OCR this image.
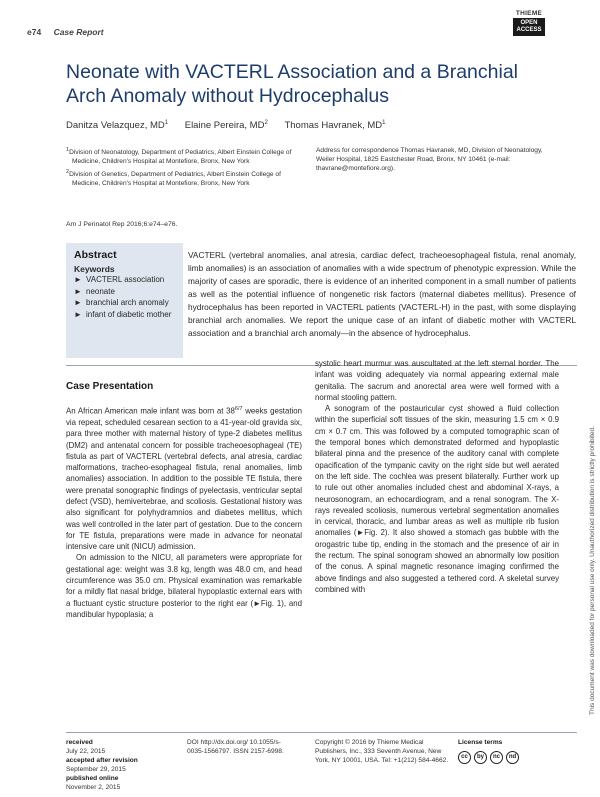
e74 Case Report
THIEME
OPEN
ACCESS
Neonate with VACTERL Association and a Branchial Arch Anomaly without Hydrocephalus
Danitza Velazquez, $MD^1$ Elaine Pereira, $MD^2$ Thomas Havranek, $MD^1$
$^1$Division of Neonatology, Department of Pediatrics, Albert Einstein College of Medicine, Children's Hospital at Montefiore, Bronx, New York
$^2$Division of Genetics, Department of Pediatrics, Albert Einstein College of Medicine, Children's Hospital at Montefiore, Bronx, New York
Address for correspondence Thomas Havranek, MD, Division of Neonatology, Weiler Hospital, 1825 Eastchester Road, Bronx, NY 10461 (e-mail: thavrane@montefiore.org).
Am J Perinatol Rep 2016;6:e74–e76.
Abstract
Keywords
► VACTERL association
► neonate
► branchial arch anomaly
► infant of diabetic mother
VACTERL (vertebral anomalies, anal atresia, cardiac defect, tracheoesophageal fistula, renal anomaly, limb anomalies) is an association of anomalies with a wide spectrum of phenotypic expression. While the majority of cases are sporadic, there is evidence of an inherited component in a small number of patients as well as the potential influence of nongenetic risk factors (maternal diabetes mellitus). Presence of hydrocephalus has been reported in VACTERL patients (VACTERL-H) in the past, with some displaying branchial arch anomalies. We report the unique case of an infant of diabetic mother with VACTERL association and a branchial arch anomaly—in the absence of hydrocephalus.
Case Presentation

An African American male infant was born at $38^{6/7}$ weeks gestation via repeat, scheduled cesarean section to a 41-year-old gravida six, para three mother with maternal history of type-2 diabetes mellitus (DM2) and antenatal concern for possible tracheoesophageal (TE) fistula as part of VACTERL (vertebral defects, anal atresia, cardiac malformations, tracheo-esophageal fistula, renal anomalies, limb anomalies) association. In addition to the possible TE fistula, there were prenatal sonographic findings of pyelectasis, ventricular septal defect (VSD), hemivertebrae, and scoliosis. Gestational history was also significant for polyhydramnios and diabetes mellitus, which was well controlled in the later part of gestation. Due to the concern for TE fistula, preparations were made in advance for neonatal intensive care unit (NICU) admission.

On admission to the NICU, all parameters were appropriate for gestational age: weight was 3.8 kg, length was 48.0 cm, and head circumference was 35.0 cm. Physical examination was remarkable for a mildly flat nasal bridge, bilateral hypoplastic external ears with a fluctuant cystic structure posterior to the right ear (►Fig. 1), and mandibular hypoplasia; a

systolic heart murmur was auscultated at the left sternal border. The infant was voiding adequately via normal appearing external male genitalia. The sacrum and anorectal area were well formed with a normal stooling pattern.

A sonogram of the postauricular cyst showed a fluid collection within the superficial soft tissues of the skin, measuring 1.5 cm × 0.9 cm × 0.7 cm. This was followed by a computed tomographic scan of the temporal bones which demonstrated deformed and hypoplastic bilateral pinna and the presence of the auditory canal with complete opacification of the tympanic cavity on the right side but well aerated on the left side. The cochlea was present bilaterally. Further work up to rule out other anomalies included chest and abdominal X-rays, a neurosonogram, an echocardiogram, and a renal sonogram. The X-rays revealed scoliosis, numerous vertebral segmentation anomalies in cervical, thoracic, and lumbar areas as well as multiple rib fusion anomalies (►Fig. 2). It also showed a stomach gas bubble with the orogastric tube tip, ending in the stomach and the presence of air in the rectum. The spinal sonogram showed an abnormally low position of the conus. A spinal magnetic resonance imaging confirmed the above findings and also suggested a tethered cord. A skeletal survey combined with

received
July 22, 2015
accepted after revision
September 29, 2015
published online
November 2, 2015
DOI http://dx.doi.org/ 10.1055/s-0035-1566797. ISSN 2157-6998.
Copyright © 2016 by Thieme Medical Publishers, Inc., 333 Seventh Avenue, New York, NY 10001, USA. Tel: +1(212) 584-4662.
License terms
cc	by	nc	nd
This document was downloaded for personal use only. Unauthorized distribution is strictly prohibited.
